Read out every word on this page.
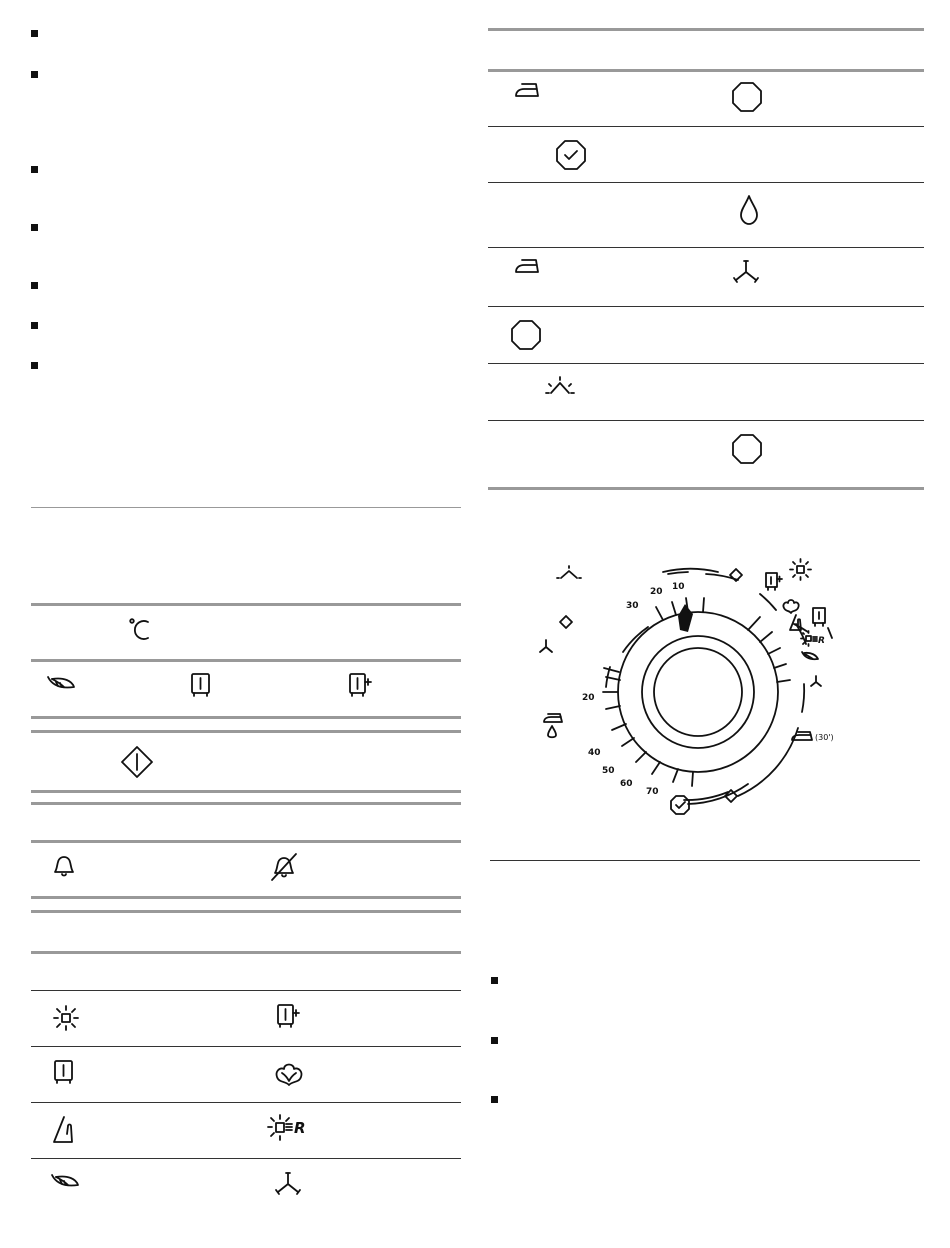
R
20 10
30
20
40
50
60
70
R
(30')
